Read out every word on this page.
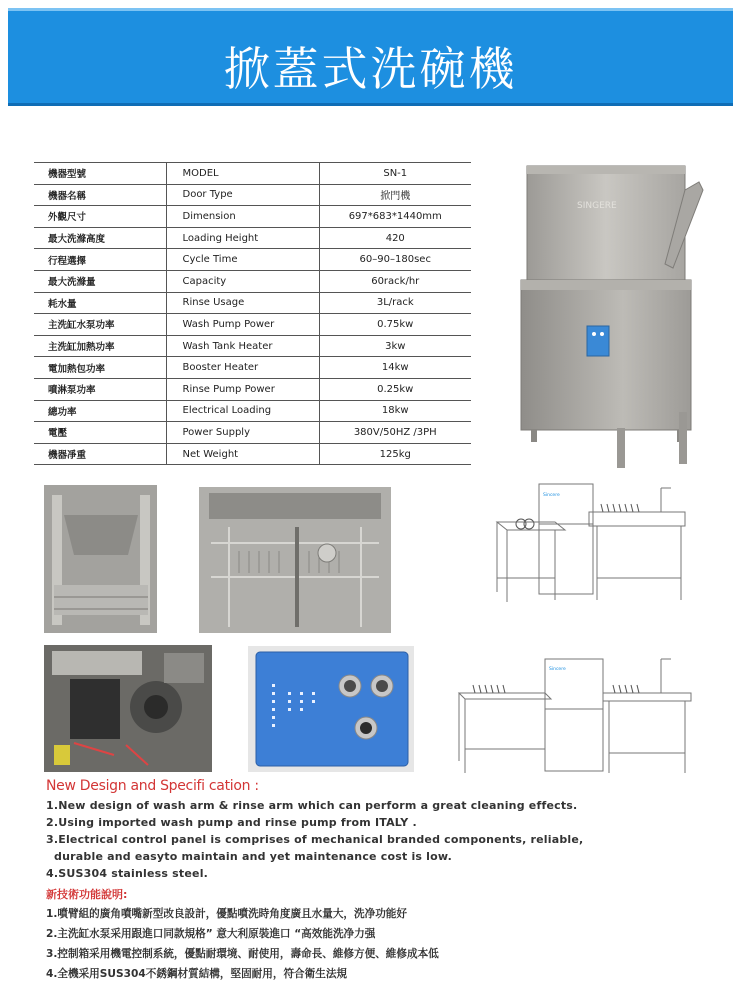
掀蓋式洗碗機
機器型號	MODEL	SN-1
機器名稱	Door Type	掀門機
外觀尺寸	Dimension	697*683*1440mm
最大洗滌高度	Loading Height	420
行程選擇	Cycle Time	60–90–180sec
最大洗滌量	Capacity	60rack/hr
耗水量	Rinse Usage	3L/rack
主洗缸水泵功率	Wash Pump Power	0.75kw
主洗缸加熱功率	Wash Tank Heater	3kw
電加熱包功率	Booster Heater	14kw
噴淋泵功率	Rinse Pump Power	0.25kw
總功率	Electrical Loading	18kw
電壓	Power Supply	380V/50HZ /3PH
機器凈重	Net Weight	125kg
SINGERE
Sincere
Sincere
New Design and Specifi cation :
1.New design of wash arm & rinse arm which can perform a great cleaning effects.
2.Using imported wash pump and rinse pump from ITALY .
3.Electrical control panel is comprises of mechanical branded components, reliable,
durable and easyto maintain and yet maintenance cost is low.
4.SUS304 stainless steel.
新技術功能說明:
1.噴臂組的廣角噴嘴新型改良設計，優點噴洗時角度廣且水量大，洗净功能好
2.主洗缸水泵采用跟進口同款規格” 意大利原裝進口 “高效能洗净力强
3.控制箱采用機電控制系統，優點耐環境、耐使用，壽命長、維修方便、維修成本低
4.全機采用SUS304不銹鋼材質結構，堅固耐用，符合衛生法規
